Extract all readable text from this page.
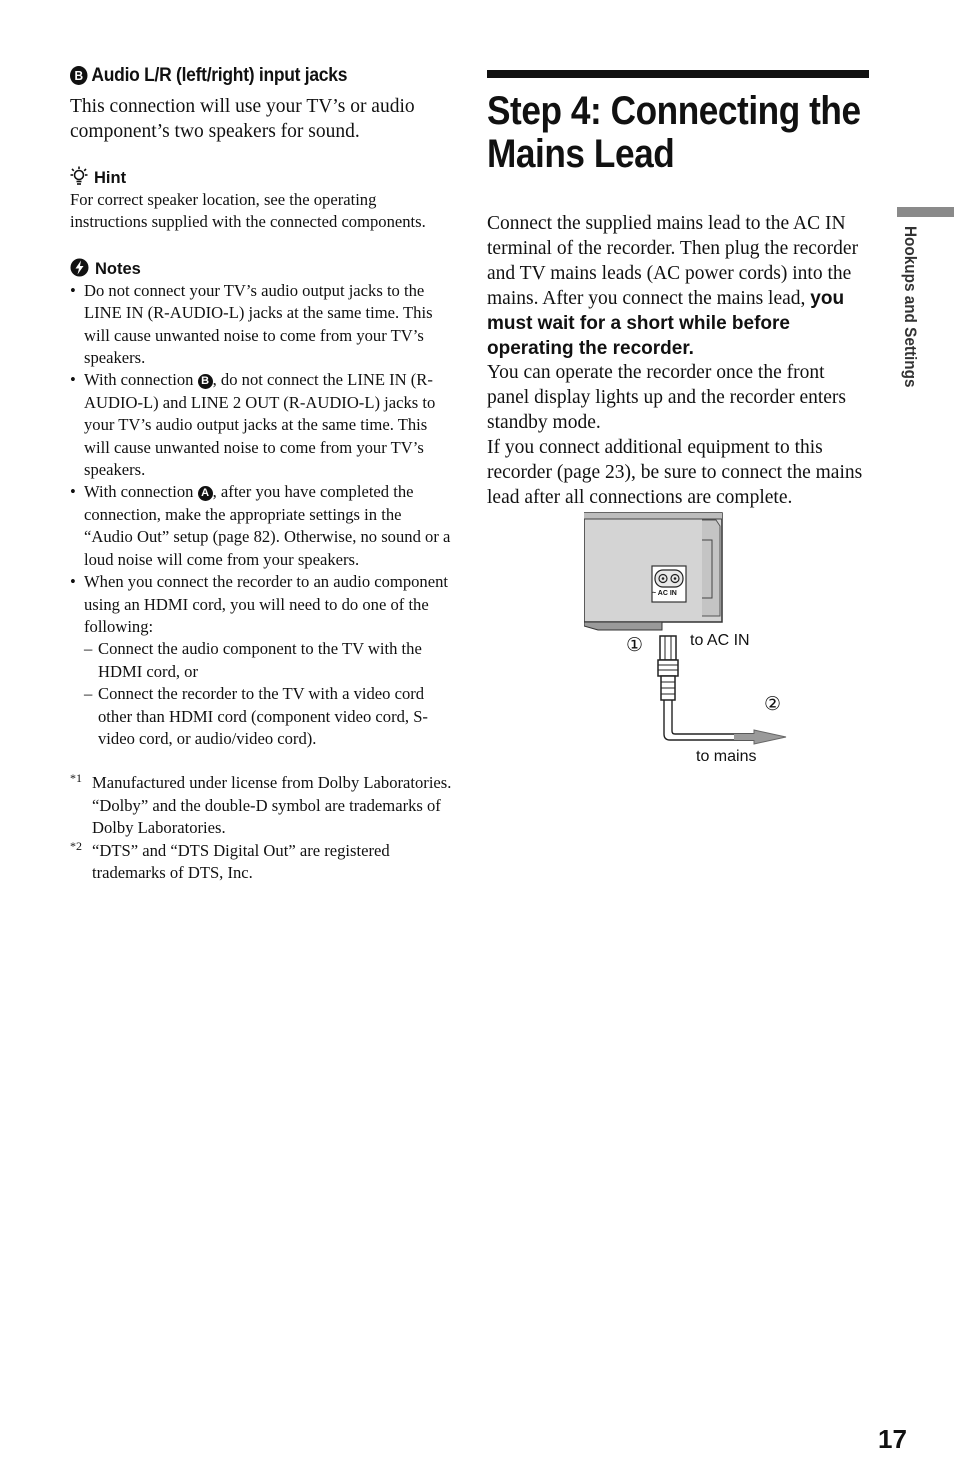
B Audio L/R (left/right) input jacks

This connection will use your TV’s or audio component’s two speakers for sound.

Hint

For correct speaker location, see the operating instructions supplied with the connected components.

Notes
• Do not connect your TV’s audio output jacks to the LINE IN (R-AUDIO-L) jacks at the same time. This will cause unwanted noise to come from your TV’s speakers.
• With connection B , do not connect the LINE IN (R-AUDIO-L) and LINE 2 OUT (R-AUDIO-L) jacks to your TV’s audio output jacks at the same time. This will cause unwanted noise to come from your TV’s speakers.
• With connection A , after you have completed the connection, make the appropriate settings in the “Audio Out” setup (page 82). Otherwise, no sound or a loud noise will come from your speakers.
• When you connect the recorder to an audio component using an HDMI cord, you will need to do one of the following:
– Connect the audio component to the TV with the HDMI cord, or
– Connect the recorder to the TV with a video cord other than HDMI cord (component video cord, S-video cord, or audio/video cord).
*1 Manufactured under license from Dolby Laboratories.
“Dolby” and the double-D symbol are trademarks of Dolby Laboratories.
*2 “DTS” and “DTS Digital Out” are registered trademarks of DTS, Inc.
Step 4: Connecting the Mains Lead

Connect the supplied mains lead to the AC IN terminal of the recorder. Then plug the recorder and TV mains leads (AC power cords) into the mains. After you connect the mains lead, you must wait for a short while before operating the recorder.

You can operate the recorder once the front panel display lights up and the recorder enters standby mode.

If you connect additional equipment to this recorder (page 23), be sure to connect the mains lead after all connections are complete.

~ AC IN
①	to AC IN
②
to mains
Hookups and Settings
17
